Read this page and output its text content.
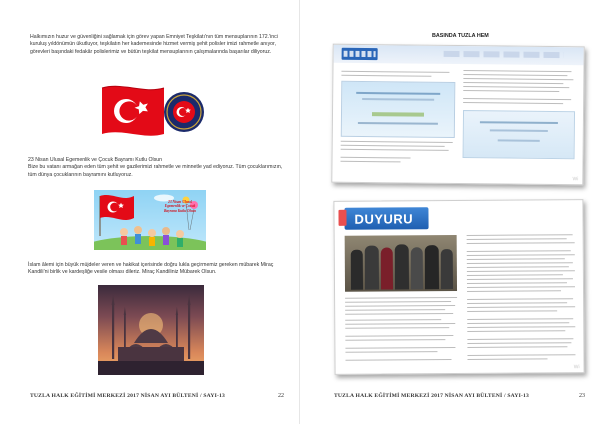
Halkımızın huzur ve güvenliğini sağlamak için görev yapan Emniyet Teşkilatı'nın tüm mensuplarının 172.'inci kuruluş yıldönümün ükutluyor, teşkilatın her kademesinde hizmet vermiş şehit polisler imizi rahmetle anıyor, görevleri başındaki fedakâr polislerimiz ve bütün teşkilat mensuplarının çalışmalarında başarılar diliyoruz.
23 Nisan Ulusal Egemenlik ve Çocuk Bayramı Kutlu Olsun
Bize bu vatanı armağan eden tüm şehit ve gazilerimizi rahmetle ve minnetle yad ediyoruz. Tüm çocuklarımızın, tüm dünya çocuklarının bayramını kutluyoruz.
23 Nisan Ulusal Egemenlik ve Çocuk Bayramı Kutlu Olsun
İslam âlemi için büyük müjdeler veren ve hakikat içerisinde doğru lukla geçirmemiz gereken mübarek Miraç Kandili'ni birlik ve kardeşliğe vesile olması dileriz. Miraç Kandiliniz Mübarek Olsun.
TUZLA HALK EĞİTİMİ MERKEZİ 2017 NİSAN AYI BÜLTENİ / SAYI-13	22
BASINDA TUZLA HEM
Wi
DUYURU
Wi
TUZLA HALK EĞİTİMİ MERKEZİ 2017 NİSAN AYI BÜLTENİ / SAYI-13	23
